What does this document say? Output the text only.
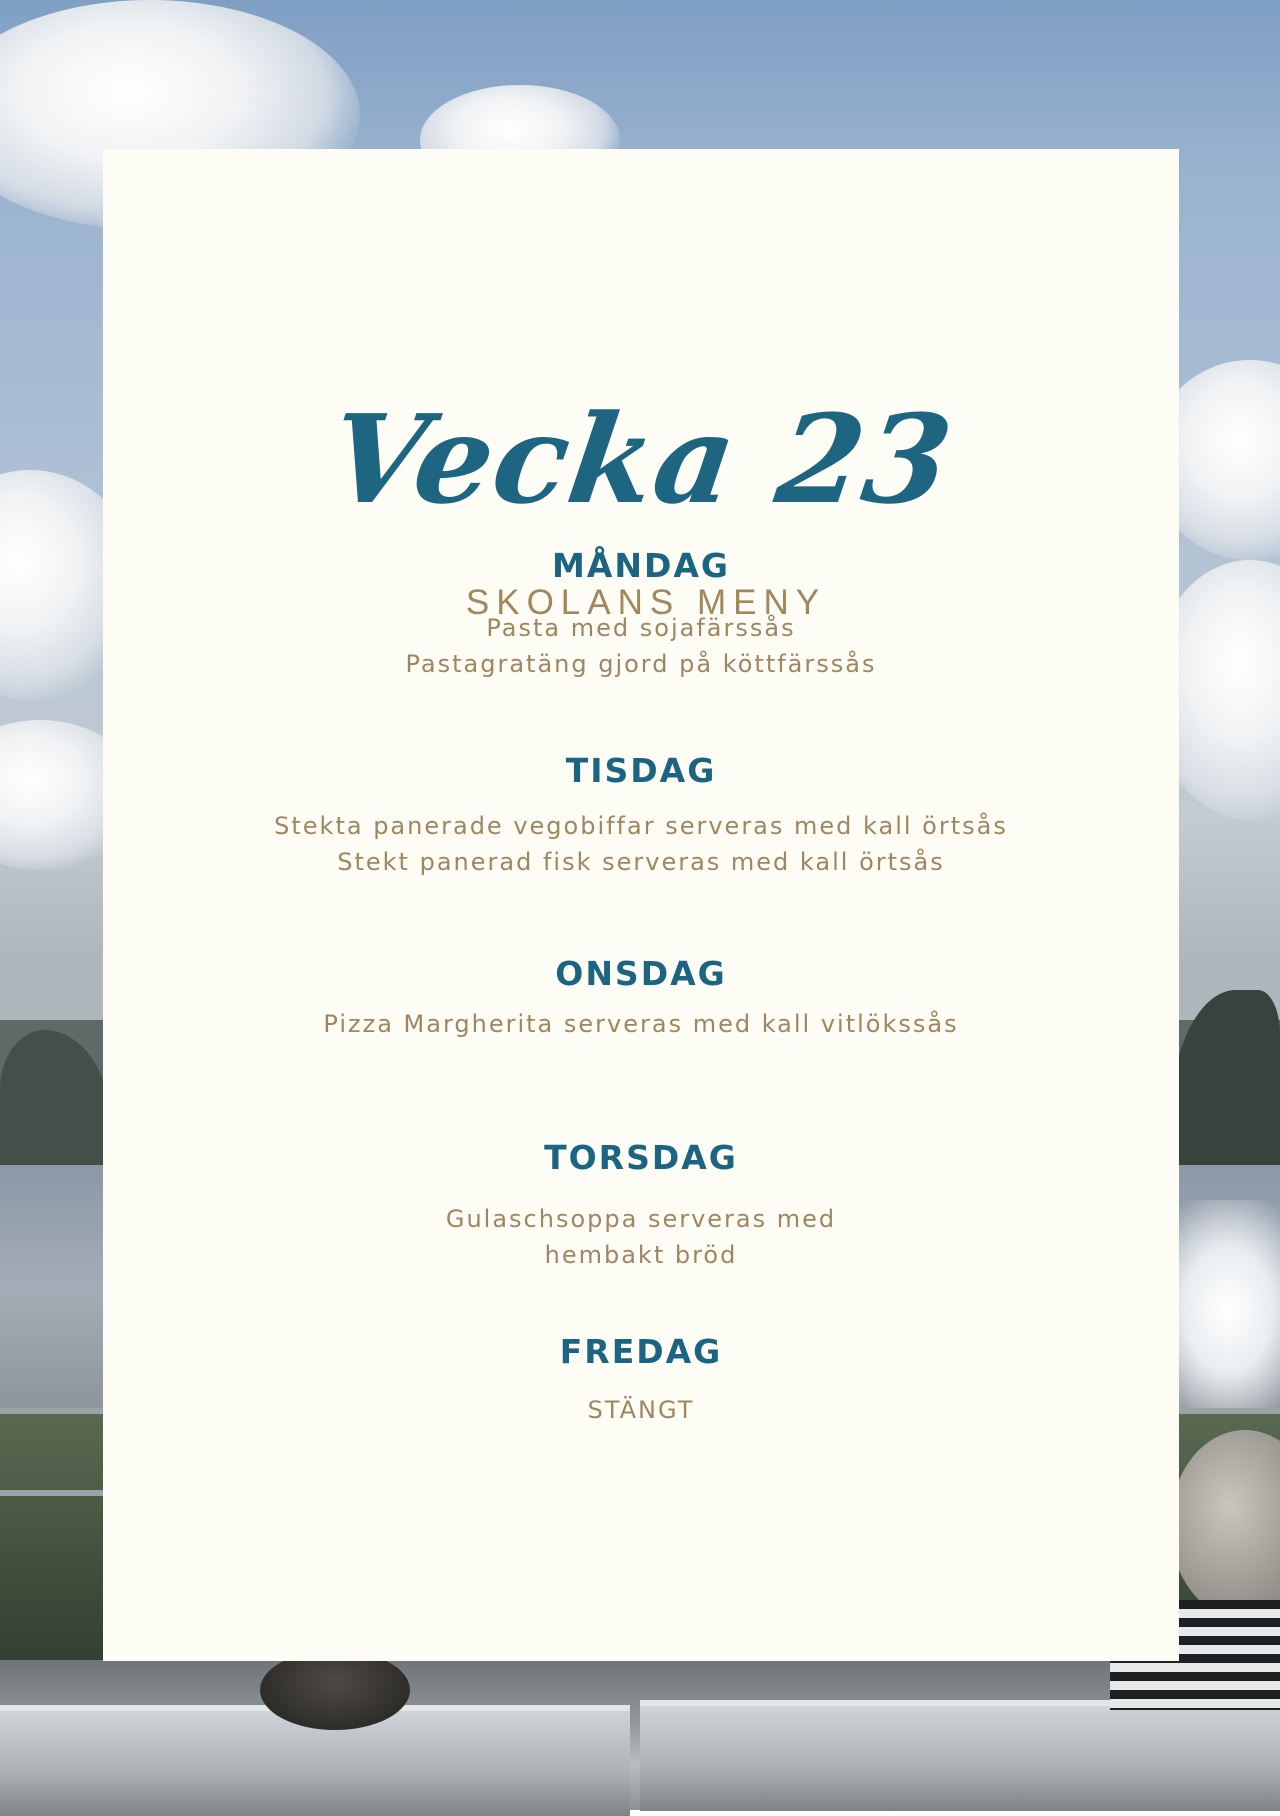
Vecka 23
SKOLANS MENY
MÅNDAG
Pasta med sojafärssås
Pastagratäng gjord på köttfärssås
TISDAG
Stekta panerade vegobiffar serveras med kall örtsås
Stekt panerad fisk serveras med kall örtsås
ONSDAG
Pizza Margherita serveras med kall vitlökssås
TORSDAG
Gulaschsoppa serveras med
hembakt bröd
FREDAG
STÄNGT
